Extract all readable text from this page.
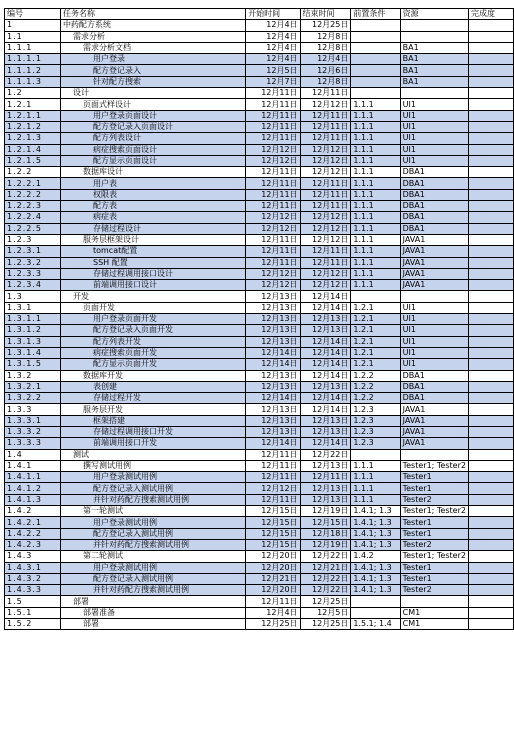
编号	任务名称	开始时间	结束时间	前置条件	资源	完成度
1	中药配方系统	12月4日	12月25日			
1.1	需求分析	12月4日	12月8日			
1.1.1	需求分析文档	12月4日	12月8日		BA1	
1.1.1.1	用户登录	12月4日	12月4日		BA1	
1.1.1.2	配方登记录入	12月5日	12月6日		BA1	
1.1.1.3	针对配方搜索	12月7日	12月8日		BA1	
1.2	设计	12月11日	12月11日			
1.2.1	页面式样设计	12月11日	12月12日	1.1.1	UI1	
1.2.1.1	用户登录页面设计	12月11日	12月11日	1.1.1	UI1	
1.2.1.2	配方登记录入页面设计	12月11日	12月11日	1.1.1	UI1	
1.2.1.3	配方列表设计	12月11日	12月11日	1.1.1	UI1	
1.2.1.4	病症搜索页面设计	12月12日	12月12日	1.1.1	UI1	
1.2.1.5	配方显示页面设计	12月12日	12月12日	1.1.1	UI1	
1.2.2	数据库设计	12月11日	12月12日	1.1.1	DBA1	
1.2.2.1	用户表	12月11日	12月11日	1.1.1	DBA1	
1.2.2.2	权限表	12月11日	12月11日	1.1.1	DBA1	
1.2.2.3	配方表	12月11日	12月11日	1.1.1	DBA1	
1.2.2.4	病症表	12月12日	12月12日	1.1.1	DBA1	
1.2.2.5	存储过程设计	12月12日	12月12日	1.1.1	DBA1	
1.2.3	服务层框架设计	12月11日	12月12日	1.1.1	JAVA1	
1.2.3.1	tomcat配置	12月11日	12月11日	1.1.1	JAVA1	
1.2.3.2	SSH 配置	12月11日	12月11日	1.1.1	JAVA1	
1.2.3.3	存储过程调用接口设计	12月12日	12月12日	1.1.1	JAVA1	
1.2.3.4	前端调用接口设计	12月12日	12月12日	1.1.1	JAVA1	
1.3	开发	12月13日	12月14日			
1.3.1	页面开发	12月13日	12月14日	1.2.1	UI1	
1.3.1.1	用户登录页面开发	12月13日	12月13日	1.2.1	UI1	
1.3.1.2	配方登记录入页面开发	12月13日	12月13日	1.2.1	UI1	
1.3.1.3	配方列表开发	12月13日	12月14日	1.2.1	UI1	
1.3.1.4	病症搜索页面开发	12月14日	12月14日	1.2.1	UI1	
1.3.1.5	配方显示页面开发	12月14日	12月14日	1.2.1	UI1	
1.3.2	数据库开发	12月13日	12月14日	1.2.2	DBA1	
1.3.2.1	表创建	12月13日	12月13日	1.2.2	DBA1	
1.3.2.2	存储过程开发	12月14日	12月14日	1.2.2	DBA1	
1.3.3	服务层开发	12月13日	12月14日	1.2.3	JAVA1	
1.3.3.1	框架搭建	12月13日	12月13日	1.2.3	JAVA1	
1.3.3.2	存储过程调用接口开发	12月13日	12月13日	1.2.3	JAVA1	
1.3.3.3	前端调用接口开发	12月14日	12月14日	1.2.3	JAVA1	
1.4	测试	12月11日	12月22日			
1.4.1	撰写测试用例	12月11日	12月13日	1.1.1	Tester1; Tester2	
1.4.1.1	用户登录测试用例	12月11日	12月11日	1.1.1	Tester1	
1.4.1.2	配方登记录入测试用例	12月12日	12月13日	1.1.1	Tester1	
1.4.1.3	并针对药配方搜索测试用例	12月11日	12月13日	1.1.1	Tester2	
1.4.2	第一轮测试	12月15日	12月19日	1.4.1; 1.3	Tester1; Tester2	
1.4.2.1	用户登录测试用例	12月15日	12月15日	1.4.1; 1.3	Tester1	
1.4.2.2	配方登记录入测试用例	12月15日	12月18日	1.4.1; 1.3	Tester1	
1.4.2.3	并针对药配方搜索测试用例	12月15日	12月19日	1.4.1; 1.3	Tester2	
1.4.3	第二轮测试	12月20日	12月22日	1.4.2	Tester1; Tester2	
1.4.3.1	用户登录测试用例	12月20日	12月21日	1.4.1; 1.3	Tester1	
1.4.3.2	配方登记录入测试用例	12月21日	12月22日	1.4.1; 1.3	Tester1	
1.4.3.3	并针对药配方搜索测试用例	12月20日	12月22日	1.4.1; 1.3	Tester2	
1.5	部署	12月11日	12月25日			
1.5.1	部署准备	12月4日	12月5日		CM1	
1.5.2	部署	12月25日	12月25日	1.5.1; 1.4	CM1	
